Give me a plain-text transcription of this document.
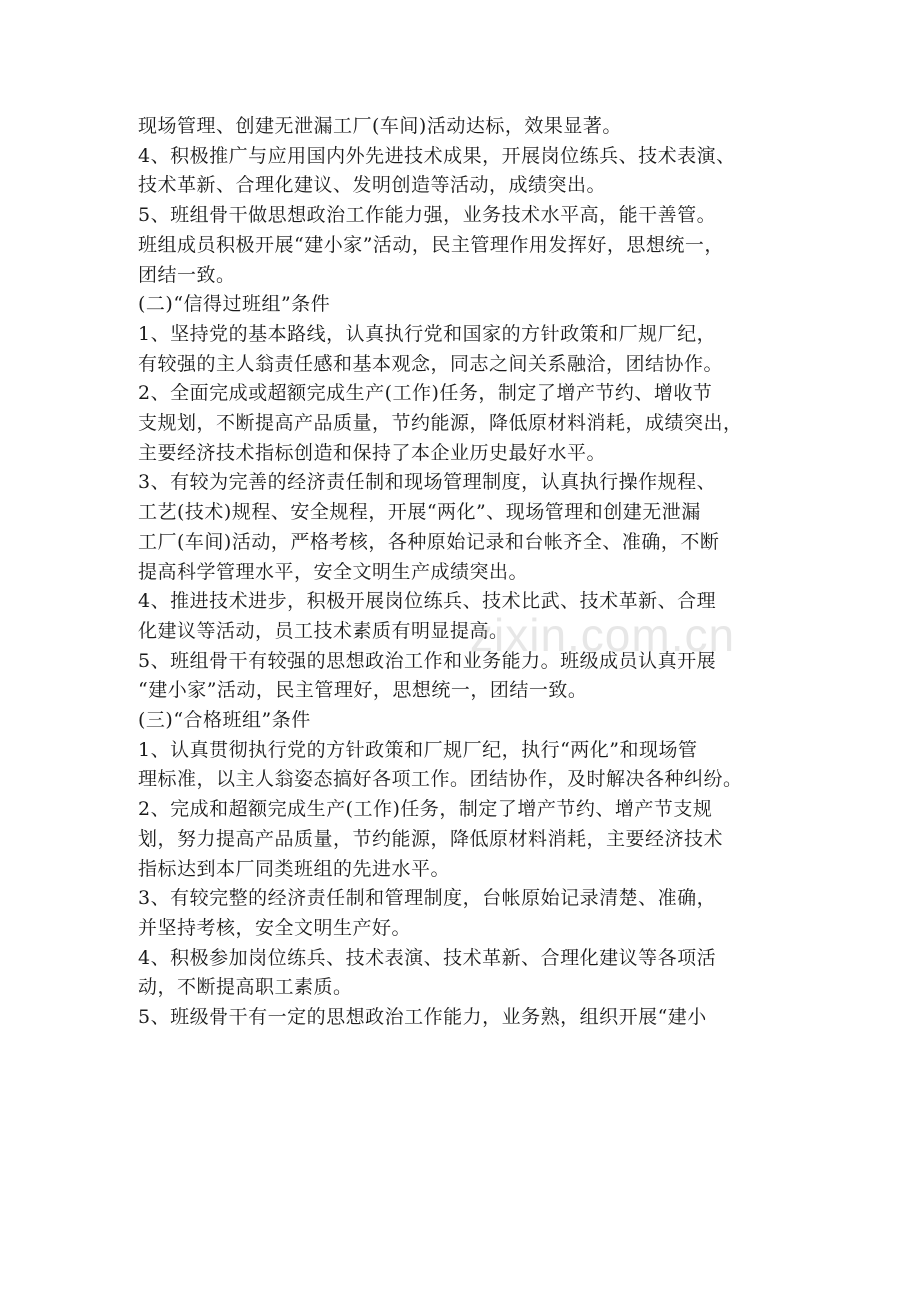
现场管理、创建无泄漏工厂(车间)活动达标，效果显著。

4、积极推广与应用国内外先进技术成果，开展岗位练兵、技术表演、

技术革新、合理化建议、发明创造等活动，成绩突出。

5、班组骨干做思想政治工作能力强，业务技术水平高，能干善管。

班组成员积极开展“建小家”活动，民主管理作用发挥好，思想统一，

团结一致。

(二)“信得过班组”条件

1、坚持党的基本路线，认真执行党和国家的方针政策和厂规厂纪，

有较强的主人翁责任感和基本观念，同志之间关系融洽，团结协作。

2、全面完成或超额完成生产(工作)任务，制定了增产节约、增收节

支规划，不断提高产品质量，节约能源，降低原材料消耗，成绩突出，

主要经济技术指标创造和保持了本企业历史最好水平。

3、有较为完善的经济责任制和现场管理制度，认真执行操作规程、

工艺(技术)规程、安全规程，开展“两化”、现场管理和创建无泄漏

工厂(车间)活动，严格考核，各种原始记录和台帐齐全、准确，不断

提高科学管理水平，安全文明生产成绩突出。

4、推进技术进步，积极开展岗位练兵、技术比武、技术革新、合理

化建议等活动，员工技术素质有明显提高。

5、班组骨干有较强的思想政治工作和业务能力。班级成员认真开展

“建小家”活动，民主管理好，思想统一，团结一致。

(三)“合格班组”条件

1、认真贯彻执行党的方针政策和厂规厂纪，执行“两化”和现场管

理标准，以主人翁姿态搞好各项工作。团结协作，及时解决各种纠纷。

2、完成和超额完成生产(工作)任务，制定了增产节约、增产节支规

划，努力提高产品质量，节约能源，降低原材料消耗，主要经济技术

指标达到本厂同类班组的先进水平。

3、有较完整的经济责任制和管理制度，台帐原始记录清楚、准确，

并坚持考核，安全文明生产好。

4、积极参加岗位练兵、技术表演、技术革新、合理化建议等各项活

动，不断提高职工素质。

5、班级骨干有一定的思想政治工作能力，业务熟，组织开展“建小

zixin.com.cn
